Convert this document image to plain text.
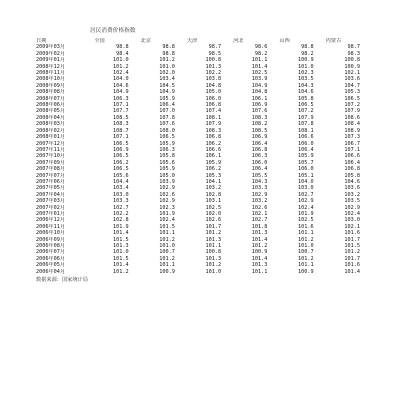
居民消费价格指数
日期	全国	北京	天津	河北	山西	内蒙古
2009年03月	98.8	98.8	98.7	98.6	98.8	98.7
2009年02月	98.4	98.8	98.5	98.2	98.2	98.3
2009年01月	101.0	101.2	100.8	101.1	100.9	100.8
2008年12月	101.2	101.0	101.3	101.4	101.0	100.9
2008年11月	102.4	102.0	102.2	102.5	102.3	102.1
2008年10月	104.0	103.4	103.8	103.9	103.5	103.6
2008年09月	104.6	104.5	104.8	104.9	104.3	104.7
2008年08月	104.9	104.9	105.0	104.8	104.6	105.3
2008年07月	106.3	105.9	106.0	106.1	105.8	106.5
2008年06月	107.1	106.4	106.8	106.9	106.5	107.2
2008年05月	107.7	107.0	107.4	107.6	107.2	107.9
2008年04月	108.5	107.8	108.1	108.3	107.9	108.6
2008年03月	108.3	107.6	107.9	108.2	107.8	108.4
2008年02月	108.7	108.0	108.3	108.5	108.1	108.9
2008年01月	107.1	106.5	106.8	106.9	106.6	107.3
2007年12月	106.5	105.9	106.2	106.4	106.0	106.7
2007年11月	106.9	106.3	106.6	106.8	106.4	107.1
2007年10月	106.5	105.8	106.1	106.3	105.9	106.6
2007年09月	106.2	105.6	105.9	106.0	105.7	106.4
2007年08月	106.5	105.9	106.2	106.4	106.0	106.8
2007年07月	105.6	105.0	105.3	105.5	105.1	105.8
2007年06月	104.4	103.9	104.1	104.3	104.0	104.6
2007年05月	103.4	102.9	103.2	103.3	103.0	103.6
2007年04月	103.0	102.6	102.8	102.9	102.7	103.2
2007年03月	103.3	102.9	103.1	103.2	102.9	103.5
2007年02月	102.7	102.3	102.5	102.6	102.4	102.9
2007年01月	102.2	101.9	102.0	102.1	101.9	102.4
2006年12月	102.8	102.4	102.6	102.7	102.5	103.0
2006年11月	101.9	101.5	101.7	101.8	101.6	102.1
2006年10月	101.4	101.1	101.2	101.3	101.1	101.6
2006年09月	101.5	101.2	101.3	101.4	101.2	101.7
2006年08月	101.3	101.0	101.1	101.2	101.0	101.5
2006年07月	101.0	100.7	100.8	100.9	100.7	101.2
2006年06月	101.5	101.2	101.3	101.4	101.2	101.7
2006年05月	101.4	101.1	101.2	101.3	101.1	101.6
2006年04月	101.2	100.9	101.0	101.1	100.9	101.4
数据来源：国家统计局
